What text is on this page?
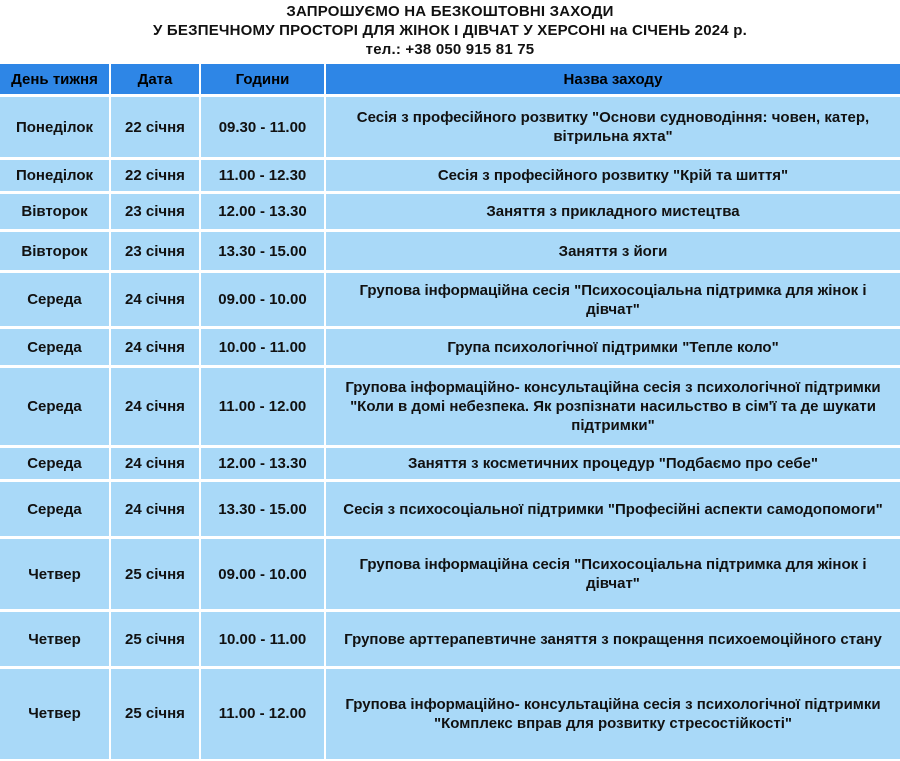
ЗАПРОШУЄМО НА БЕЗКОШТОВНІ ЗАХОДИ
У БЕЗПЕЧНОМУ ПРОСТОРІ ДЛЯ ЖІНОК І ДІВЧАТ У ХЕРСОНІ на СІЧЕНЬ 2024 р.
тел.: +38 050 915 81 75
День тижня	Дата	Години	Назва заходу
Понеділок	22 січня	09.30 - 11.00	Сесія з професійного розвитку "Основи судноводіння: човен, катер, вітрильна яхта"
Понеділок	22 січня	11.00 - 12.30	Сесія з професійного розвитку "Крій та шиття"
Вівторок	23 січня	12.00 - 13.30	Заняття з прикладного мистецтва
Вівторок	23 січня	13.30 - 15.00	Заняття з йоги
Середа	24 січня	09.00 - 10.00	Групова інформаційна сесія "Психосоціальна підтримка для жінок і дівчат"
Середа	24 січня	10.00 - 11.00	Група психологічної підтримки "Тепле коло"
Середа	24 січня	11.00 - 12.00	Групова інформаційно- консультаційна сесія з психологічної підтримки "Коли в домі небезпека. Як розпізнати насильство в сім'ї та де шукати підтримки"
Середа	24 січня	12.00 - 13.30	Заняття з косметичних процедур "Подбаємо про себе"
Середа	24 січня	13.30 - 15.00	Сесія з психосоціальної підтримки "Професійні аспекти самодопомоги"
Четвер	25 січня	09.00 - 10.00	Групова інформаційна сесія "Психосоціальна підтримка для жінок і дівчат"
Четвер	25 січня	10.00 - 11.00	Групове арттерапевтичне заняття з покращення психоемоційного стану
Четвер	25 січня	11.00 - 12.00	Групова інформаційно- консультаційна сесія з психологічної підтримки "Комплекс вправ для розвитку стресостійкості"
